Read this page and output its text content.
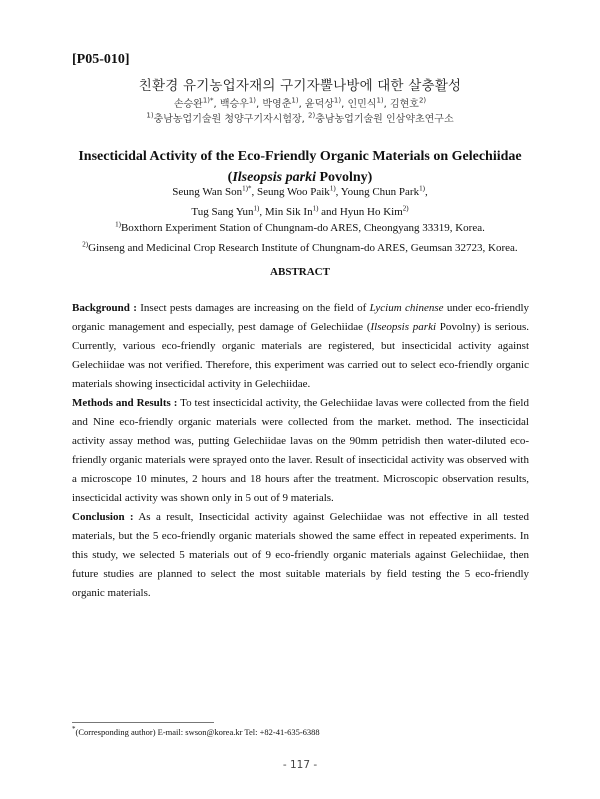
[P05-010]
친환경 유기농업자재의 구기자뿔나방에 대한 살충활성
손승완$^{1)*}$, 백승우$^{1)}$, 박영춘$^{1)}$, 윤덕상$^{1)}$, 인민식$^{1)}$, 김현호$^{2)}$
$^{1)}$충남농업기술원 청양구기자시험장, $^{2)}$충남농업기술원 인삼약초연구소
Insecticidal Activity of the Eco-Friendly Organic Materials on Gelechiidae
(Ilseopsis parki Povolny)
Seung Wan Son$^{1)*}$, Seung Woo Paik$^{1)}$, Young Chun Park$^{1)}$,
Tug Sang Yun$^{1)}$, Min Sik In$^{1)}$ and Hyun Ho Kim$^{2)}$
$^{1)}$Boxthorn Experiment Station of Chungnam-do ARES, Cheongyang 33319, Korea.
$^{2)}$Ginseng and Medicinal Crop Research Institute of Chungnam-do ARES, Geumsan 32723, Korea.
ABSTRACT

Background : Insect pests damages are increasing on the field of Lycium chinense under eco-friendly organic management and especially, pest damage of Gelechiidae (Ilseopsis parki Povolny) is serious. Currently, various eco-friendly organic materials are registered, but insecticidal activity against Gelechiidae was not verified. Therefore, this experiment was carried out to select eco-friendly organic materials showing insecticidal activity in Gelechiidae.

Methods and Results : To test insecticidal activity, the Gelechiidae lavas were collected from the field and Nine eco-friendly organic materials were collected from the market. method. The insecticidal activity assay method was, putting Gelechiidae lavas on the 90mm petridish then water-diluted eco-friendly organic materials were sprayed onto the laver. Result of insecticidal activity was observed with a microscope 10 minutes, 2 hours and 18 hours after the treatment. Microscopic observation results, insecticidal activity was shown only in 5 out of 9 materials.

Conclusion : As a result, Insecticidal activity against Gelechiidae was not effective in all tested materials, but the 5 eco-friendly organic materials showed the same effect in repeated experiments. In this study, we selected 5 materials out of 9 eco-friendly organic materials against Gelechiidae, then future studies are planned to select the most suitable materials by field testing the 5 eco-friendly organic materials.

*(Corresponding author) E-mail: swson@korea.kr Tel: +82-41-635-6388
- 117 -
